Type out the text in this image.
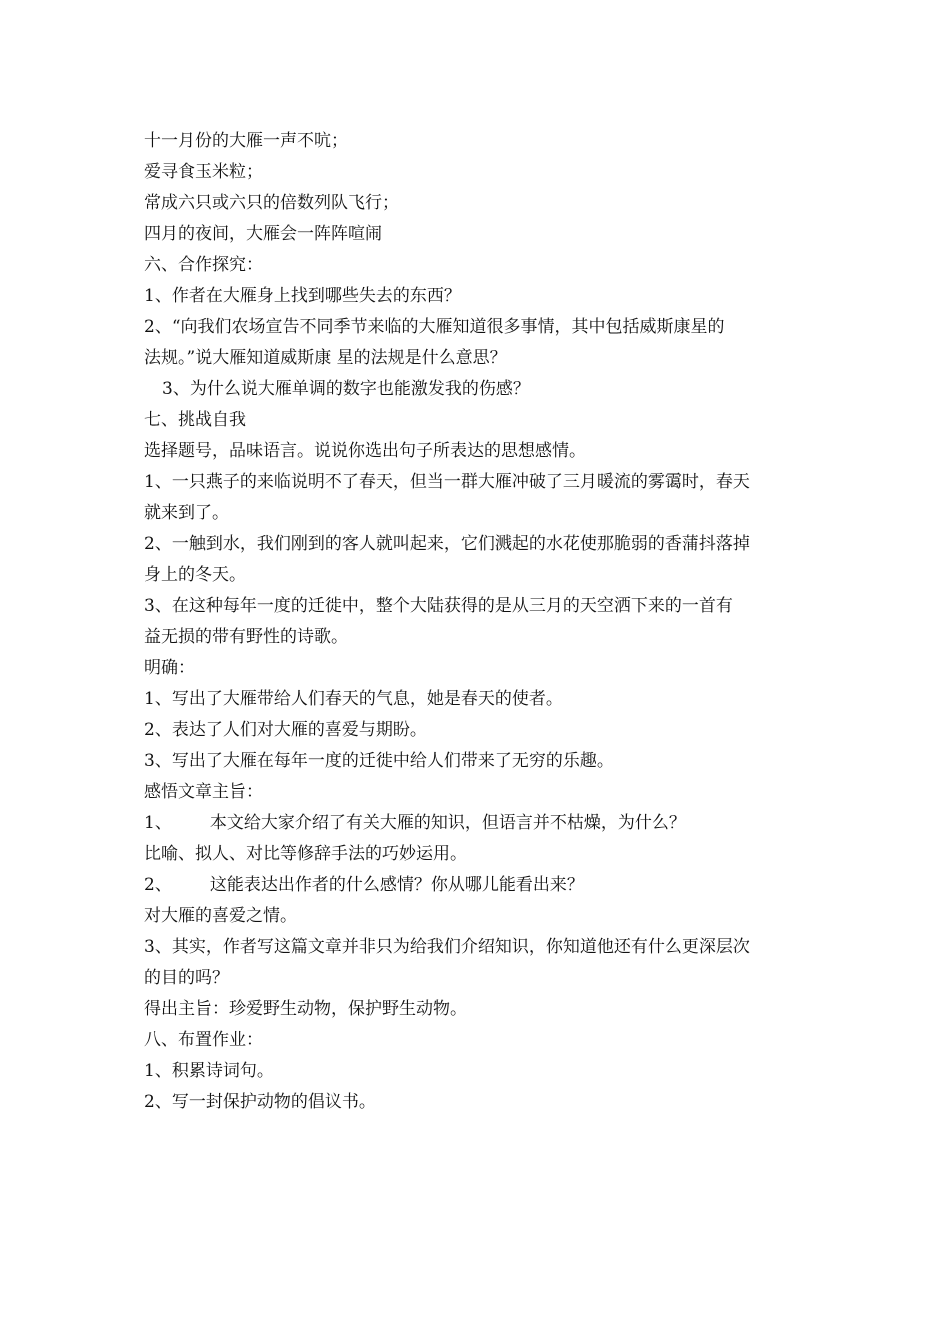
十一月份的大雁一声不吭；
爱寻食玉米粒；
常成六只或六只的倍数列队飞行；
四月的夜间，大雁会一阵阵喧闹
六、合作探究：
1、作者在大雁身上找到哪些失去的东西？
2、“向我们农场宣告不同季节来临的大雁知道很多事情，其中包括威斯康星的
法规。”说大雁知道威斯康 星的法规是什么意思？
3、为什么说大雁单调的数字也能激发我的伤感？
七、挑战自我
选择题号，品味语言。说说你选出句子所表达的思想感情。
1、一只燕子的来临说明不了春天，但当一群大雁冲破了三月暖流的雾霭时，春天
就来到了。
2、一触到水，我们刚到的客人就叫起来，它们溅起的水花使那脆弱的香蒲抖落掉
身上的冬天。
3、在这种每年一度的迁徙中，整个大陆获得的是从三月的天空洒下来的一首有
益无损的带有野性的诗歌。
明确：
1、写出了大雁带给人们春天的气息，她是春天的使者。
2、表达了人们对大雁的喜爱与期盼。
3、写出了大雁在每年一度的迁徙中给人们带来了无穷的乐趣。
感悟文章主旨：
1、 本文给大家介绍了有关大雁的知识，但语言并不枯燥，为什么？
比喻、拟人、对比等修辞手法的巧妙运用。
2、 这能表达出作者的什么感情？你从哪儿能看出来？
对大雁的喜爱之情。
3、其实，作者写这篇文章并非只为给我们介绍知识，你知道他还有什么更深层次
的目的吗？
得出主旨：珍爱野生动物，保护野生动物。
八、布置作业：
1、积累诗词句。
2、写一封保护动物的倡议书。
